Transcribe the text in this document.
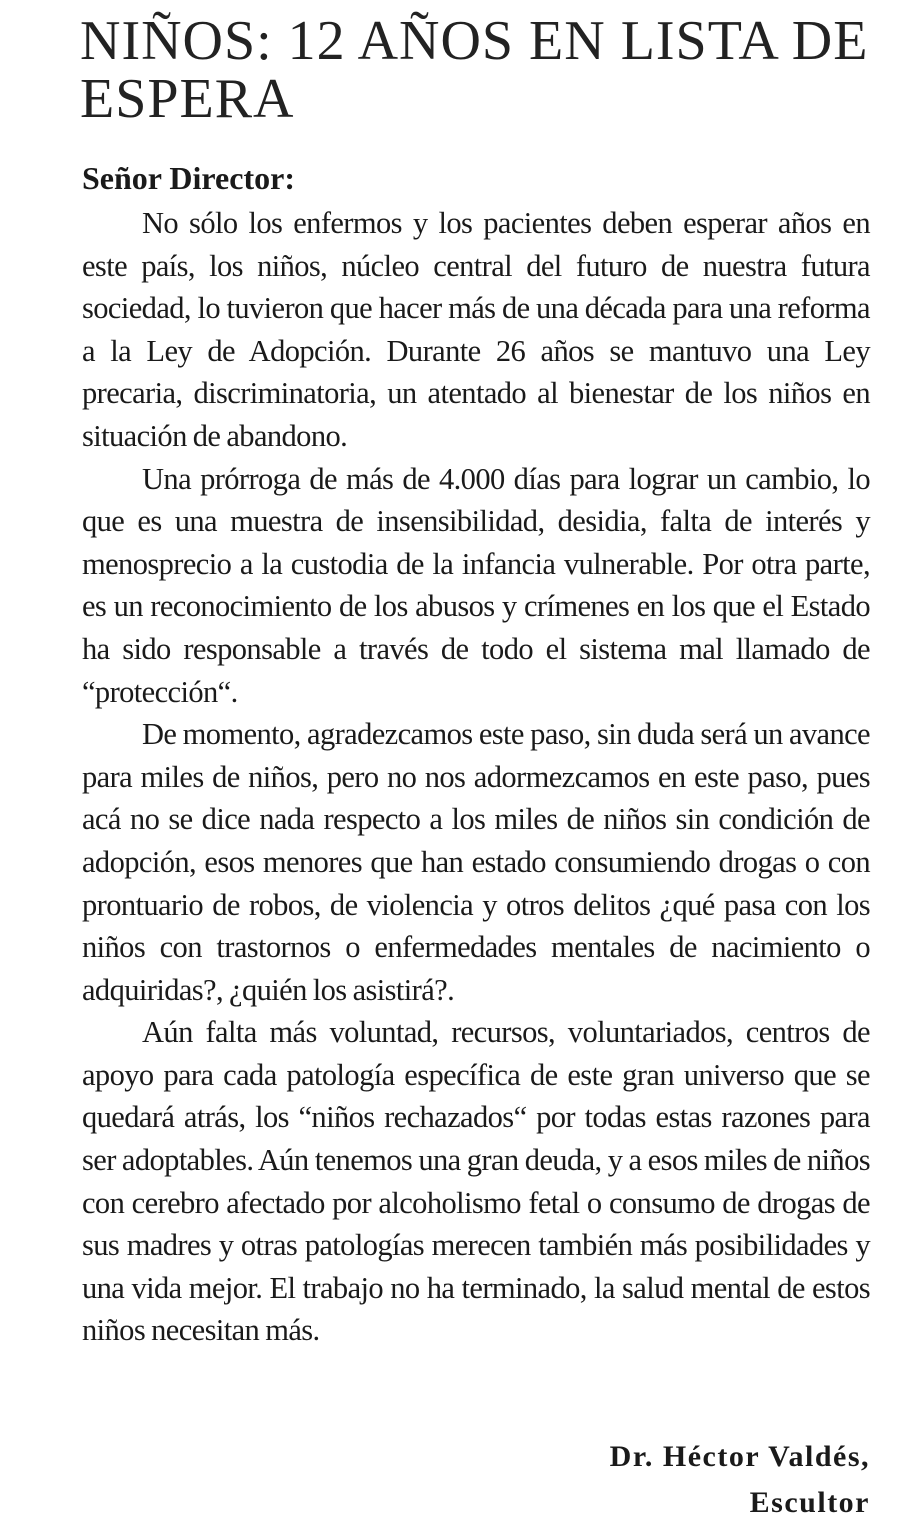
NIÑOS: 12 AÑOS EN LISTA DE ESPERA

Señor Director:

No sólo los enfermos y los pacientes deben esperar años en este país, los niños, núcleo central del futuro de nuestra futura sociedad, lo tuvieron que hacer más de una década para una reforma a la Ley de Adopción. Durante 26 años se mantuvo una Ley precaria, discriminatoria, un atentado al bienestar de los niños en situación de abandono.

Una prórroga de más de 4.000 días para lograr un cambio, lo que es una muestra de insensibilidad, desidia, falta de interés y menosprecio a la custodia de la infancia vulnerable. Por otra parte, es un reconocimiento de los abusos y crímenes en los que el Estado ha sido responsable a través de todo el sistema mal llamado de “protección“.

De momento, agradezcamos este paso, sin duda será un avance para miles de niños, pero no nos adormezcamos en este paso, pues acá no se dice nada respecto a los miles de niños sin condición de adopción, esos menores que han estado consumiendo drogas o con prontuario de robos, de violencia y otros delitos ¿qué pasa con los niños con trastornos o enfermedades mentales de nacimiento o adquiridas?, ¿quién los asistirá?.

Aún falta más voluntad, recursos, voluntariados, centros de apoyo para cada patología específica de este gran universo que se quedará atrás, los “niños rechazados“ por todas estas razones para ser adoptables. Aún tenemos una gran deuda, y a esos miles de niños con cerebro afectado por alcoholismo fetal o consumo de drogas de sus madres y otras patologías merecen también más posibilidades y una vida mejor. El trabajo no ha terminado, la salud mental de estos niños necesitan más.

Dr. Héctor Valdés,
Escultor
